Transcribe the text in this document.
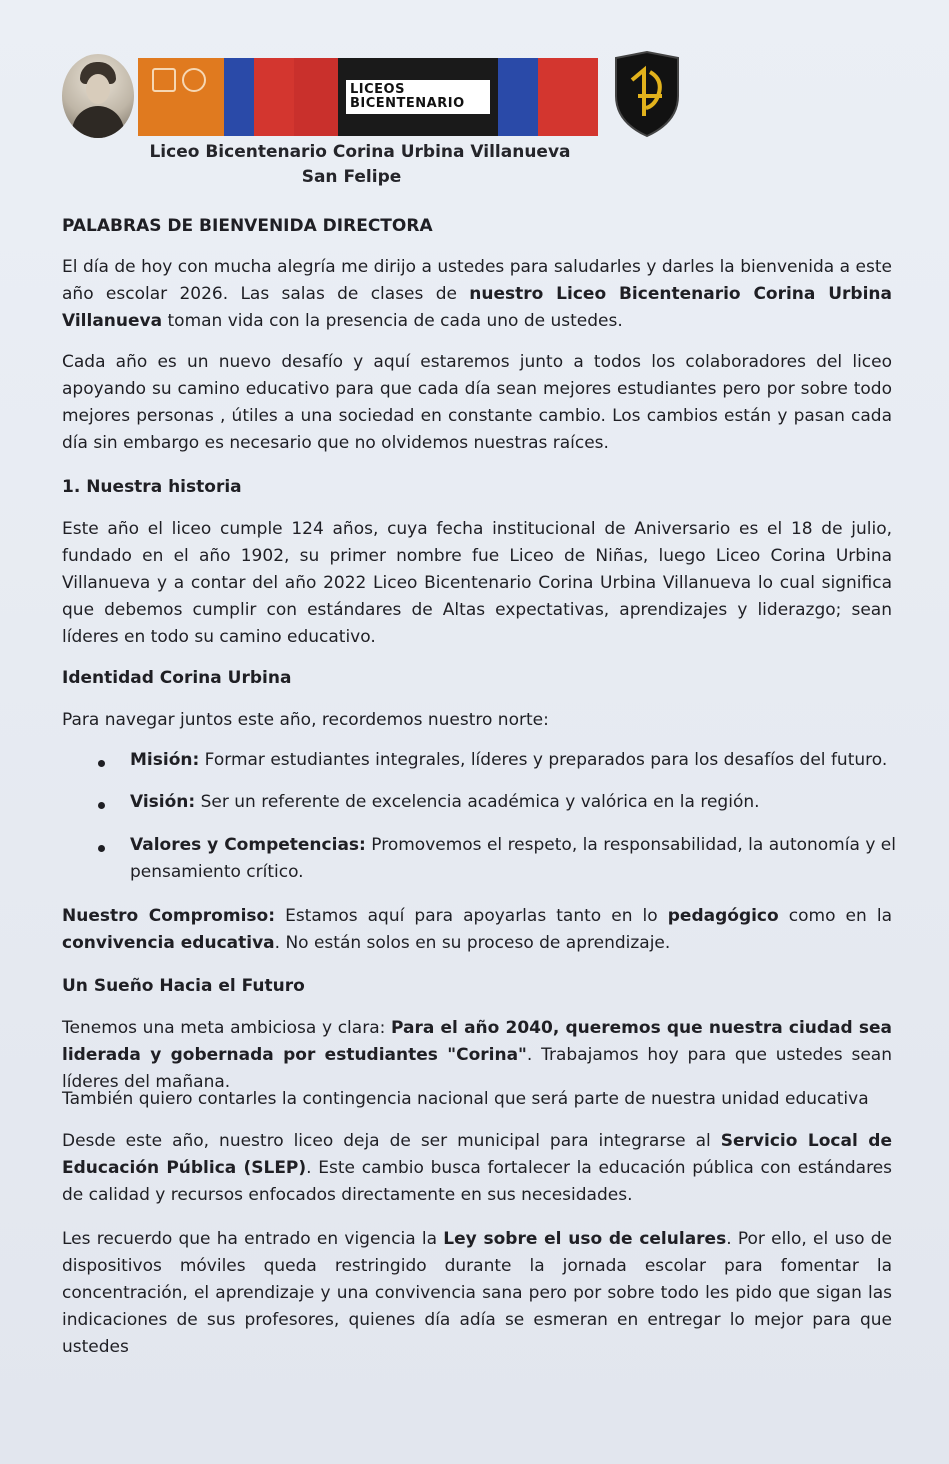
LICEOS
BICENTENARIO
Liceo Bicentenario Corina Urbina Villanueva
San Felipe
PALABRAS DE BIENVENIDA DIRECTORA
El día de hoy con mucha alegría me dirijo a ustedes para saludarles y darles la bienvenida a este año escolar 2026. Las salas de clases de nuestro Liceo Bicentenario Corina Urbina Villanueva toman vida con la presencia de cada uno de ustedes.
Cada año es un nuevo desafío y aquí estaremos junto a todos los colaboradores del liceo apoyando su camino educativo para que cada día sean mejores estudiantes pero por sobre todo mejores personas , útiles a una sociedad en constante cambio. Los cambios están y pasan cada día sin embargo es necesario que no olvidemos nuestras raíces.
1. Nuestra historia
Este año el liceo cumple 124 años, cuya fecha institucional de Aniversario es el 18 de julio, fundado en el año 1902, su primer nombre fue Liceo de Niñas, luego Liceo Corina Urbina Villanueva y a contar del año 2022 Liceo Bicentenario Corina Urbina Villanueva lo cual significa que debemos cumplir con estándares de Altas expectativas, aprendizajes y liderazgo; sean líderes en todo su camino educativo.
Identidad Corina Urbina
Para navegar juntos este año, recordemos nuestro norte:
Misión: Formar estudiantes integrales, líderes y preparados para los desafíos del futuro.
Visión: Ser un referente de excelencia académica y valórica en la región.
Valores y Competencias: Promovemos el respeto, la responsabilidad, la autonomía y el pensamiento crítico.
Nuestro Compromiso: Estamos aquí para apoyarlas tanto en lo pedagógico como en la convivencia educativa. No están solos en su proceso de aprendizaje.
Un Sueño Hacia el Futuro
Tenemos una meta ambiciosa y clara: Para el año 2040, queremos que nuestra ciudad sea liderada y gobernada por estudiantes "Corina". Trabajamos hoy para que ustedes sean líderes del mañana.
También quiero contarles la contingencia nacional que será parte de nuestra unidad educativa
Desde este año, nuestro liceo deja de ser municipal para integrarse al Servicio Local de Educación Pública (SLEP). Este cambio busca fortalecer la educación pública con estándares de calidad y recursos enfocados directamente en sus necesidades.
Les recuerdo que ha entrado en vigencia la Ley sobre el uso de celulares. Por ello, el uso de dispositivos móviles queda restringido durante la jornada escolar para fomentar la concentración, el aprendizaje y una convivencia sana pero por sobre todo les pido que sigan las indicaciones de sus profesores, quienes día adía se esmeran en entregar lo mejor para que ustedes
